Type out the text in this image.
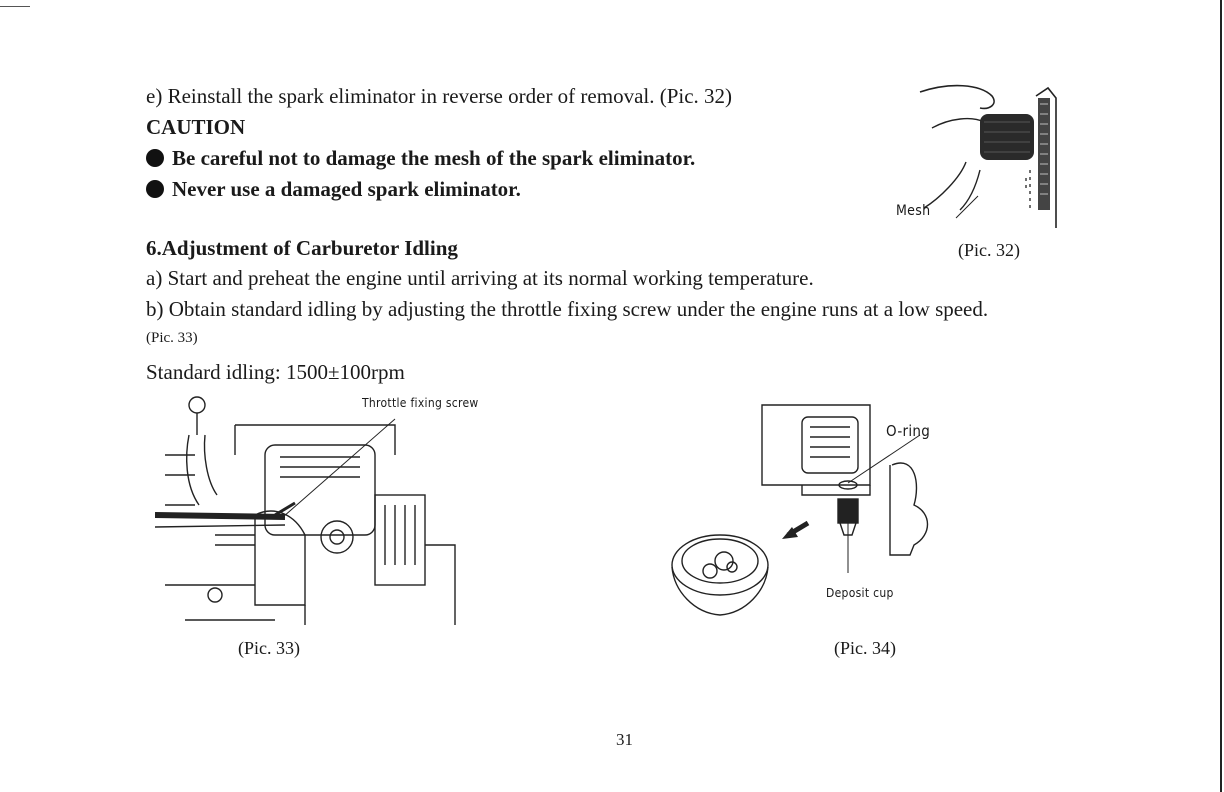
e) Reinstall the spark eliminator in reverse order of removal. (Pic. 32)
CAUTION
Be careful not to damage the mesh of the spark eliminator.
Never use a damaged spark eliminator.
Mesh
(Pic. 32)
6.Adjustment of Carburetor Idling
a) Start and preheat the engine until arriving at its normal working temperature.
b) Obtain standard idling by adjusting the throttle fixing screw under the engine runs at a low speed.
(Pic. 33)
Standard idling: 1500±100rpm
Throttle fixing screw
(Pic. 33)
O-ring
Deposit cup
(Pic. 34)
31
